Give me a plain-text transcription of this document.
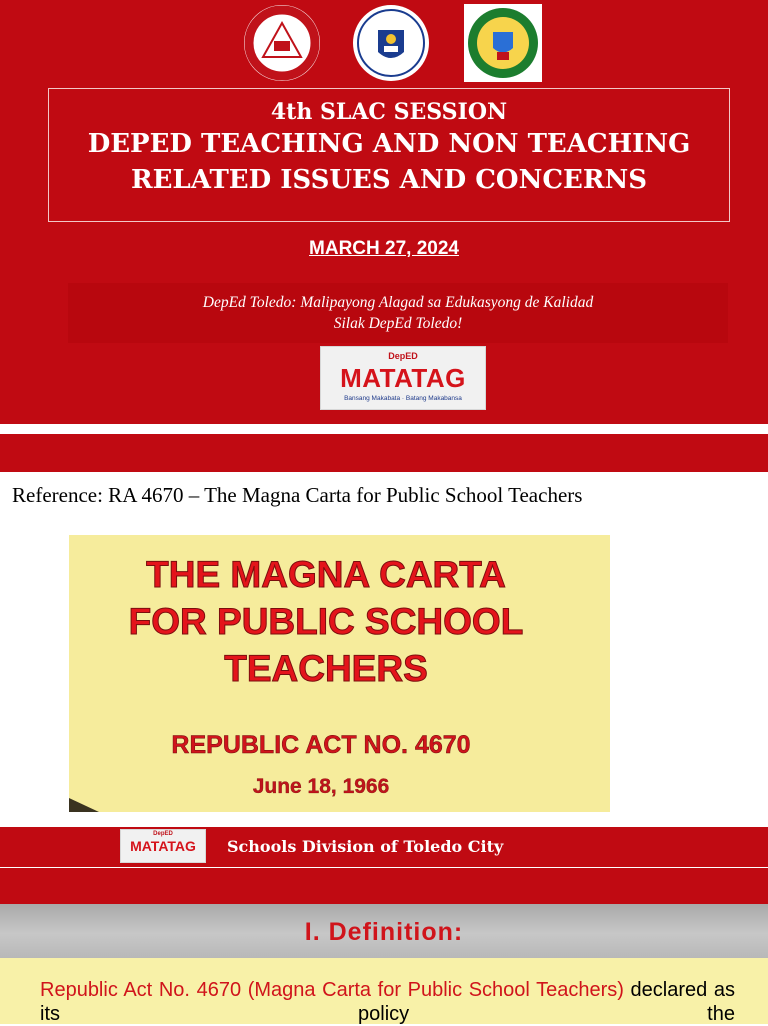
4th SLAC SESSION
DEPED TEACHING AND NON TEACHING
RELATED ISSUES AND CONCERNS
MARCH 27, 2024
DepEd Toledo: Malipayong Alagad sa Edukasyong de Kalidad
Silak DepEd Toledo!
DepED
MATATAG
Bansang Makabata · Batang Makabansa
Reference: RA 4670 – The Magna Carta for Public School Teachers
THE MAGNA CARTA
FOR PUBLIC SCHOOL
TEACHERS
REPUBLIC ACT NO. 4670
June 18, 1966
DepED
MATATAG	Schools Division of Toledo City
I. Definition:
Republic Act No. 4670 (Magna Carta for Public School Teachers) declared as its policy the
